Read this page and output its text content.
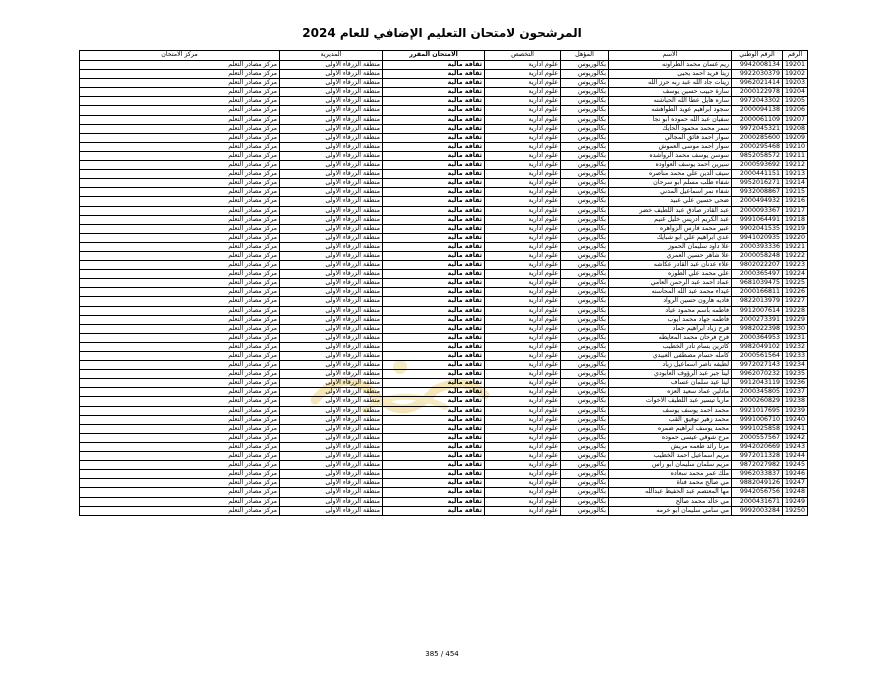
المرشحون لامتحان التعليم الإضافي للعام 2024
الرقم	الرقم الوطني	الاسم	المؤهل	التخصص	الامتحان المقرر	المديرية	مركز الامتحان
19201	9942008134	ريم غسان محمد الطراونه	بكالوريوس	علوم ادارية	ثقافة مالية	منطقة الزرقاء الأولى	مركز مصادر التعلم
19202	9922030379	زينا فريد احمد يحيى	بكالوريوس	علوم ادارية	ثقافة مالية	منطقة الزرقاء الأولى	مركز مصادر التعلم
19203	9962021414	زينات جاد الله عبد ربه حرز الله	بكالوريوس	علوم ادارية	ثقافة مالية	منطقة الزرقاء الأولى	مركز مصادر التعلم
19204	2000122978	سارة حبيب حسين يوسف	بكالوريوس	علوم ادارية	ثقافة مالية	منطقة الزرقاء الأولى	مركز مصادر التعلم
19205	9972043302	ساره هايل عطا الله الحباشنه	بكالوريوس	علوم ادارية	ثقافة مالية	منطقة الزرقاء الأولى	مركز مصادر التعلم
19206	2000094138	سجود ابراهيم عويد الطواهشه	بكالوريوس	علوم ادارية	ثقافة مالية	منطقة الزرقاء الأولى	مركز مصادر التعلم
19207	2000061109	سفيان عبد الله حموده ابو نجا	بكالوريوس	علوم ادارية	ثقافة مالية	منطقة الزرقاء الأولى	مركز مصادر التعلم
19208	9972045321	سمر محمد محمود الحايك	بكالوريوس	علوم ادارية	ثقافة مالية	منطقة الزرقاء الأولى	مركز مصادر التعلم
19209	2000285600	سوار احمد فائق المجالي	بكالوريوس	علوم ادارية	ثقافة مالية	منطقة الزرقاء الأولى	مركز مصادر التعلم
19210	2000295468	سوار احمد موسى العموش	بكالوريوس	علوم ادارية	ثقافة مالية	منطقة الزرقاء الأولى	مركز مصادر التعلم
19211	9852058572	سوسن يوسف محمد الرواشده	بكالوريوس	علوم ادارية	ثقافة مالية	منطقة الزرقاء الأولى	مركز مصادر التعلم
19212	2000593692	سيرين احمد يوسف العواوده	بكالوريوس	علوم ادارية	ثقافة مالية	منطقة الزرقاء الأولى	مركز مصادر التعلم
19213	2000441151	سيف الدين علي محمد مناصره	بكالوريوس	علوم ادارية	ثقافة مالية	منطقة الزرقاء الأولى	مركز مصادر التعلم
19214	9952016271	شفاء طلب مسلم ابو سرحان	بكالوريوس	علوم ادارية	ثقافة مالية	منطقة الزرقاء الأولى	مركز مصادر التعلم
19215	9932008867	شفاء نمر اسماعيل المدني	بكالوريوس	علوم ادارية	ثقافة مالية	منطقة الزرقاء الأولى	مركز مصادر التعلم
19216	2000494932	ضحى حسين علي عبيد	بكالوريوس	علوم ادارية	ثقافة مالية	منطقة الزرقاء الأولى	مركز مصادر التعلم
19217	2000093367	عبد القادر صادق عبد اللطيف خضر	بكالوريوس	علوم ادارية	ثقافة مالية	منطقة الزرقاء الأولى	مركز مصادر التعلم
19218	9991064491	عبد الكريم ادريس خليل غنيم	بكالوريوس	علوم ادارية	ثقافة مالية	منطقة الزرقاء الأولى	مركز مصادر التعلم
19219	9902041535	عبير محمد فارس الزواهره	بكالوريوس	علوم ادارية	ثقافة مالية	منطقة الزرقاء الأولى	مركز مصادر التعلم
19220	9941020935	عدي ابراهيم علي ابو شبايك	بكالوريوس	علوم ادارية	ثقافة مالية	منطقة الزرقاء الأولى	مركز مصادر التعلم
19221	2000393336	علا داود سليمان الحموز	بكالوريوس	علوم ادارية	ثقافة مالية	منطقة الزرقاء الأولى	مركز مصادر التعلم
19222	2000058248	علا شاهر حسين العمري	بكالوريوس	علوم ادارية	ثقافة مالية	منطقة الزرقاء الأولى	مركز مصادر التعلم
19223	9802022207	علاء عدنان عبد القادر عكاشه	بكالوريوس	علوم ادارية	ثقافة مالية	منطقة الزرقاء الأولى	مركز مصادر التعلم
19224	2000365497	علي محمد علي الطوره	بكالوريوس	علوم ادارية	ثقافة مالية	منطقة الزرقاء الأولى	مركز مصادر التعلم
19225	9681039475	عماد احمد عبد الرحمن العامي	بكالوريوس	علوم ادارية	ثقافة مالية	منطقة الزرقاء الأولى	مركز مصادر التعلم
19226	2000166811	غيداء محمد عبد الله المحاسنه	بكالوريوس	علوم ادارية	ثقافة مالية	منطقة الزرقاء الأولى	مركز مصادر التعلم
19227	9822013979	فاديه هارون حسين الرواد	بكالوريوس	علوم ادارية	ثقافة مالية	منطقة الزرقاء الأولى	مركز مصادر التعلم
19228	9912007614	فاطمه باسم محمود عياد	بكالوريوس	علوم ادارية	ثقافة مالية	منطقة الزرقاء الأولى	مركز مصادر التعلم
19229	2000273391	فاطمه جهاد محمد ايوب	بكالوريوس	علوم ادارية	ثقافة مالية	منطقة الزرقاء الأولى	مركز مصادر التعلم
19230	9982022398	فرح زياد ابراهيم حماد	بكالوريوس	علوم ادارية	ثقافة مالية	منطقة الزرقاء الأولى	مركز مصادر التعلم
19231	2000364953	فرح فرحان محمد المعايطه	بكالوريوس	علوم ادارية	ثقافة مالية	منطقة الزرقاء الأولى	مركز مصادر التعلم
19232	9982049102	كاترين بسام نادر الخطيب	بكالوريوس	علوم ادارية	ثقافة مالية	منطقة الزرقاء الأولى	مركز مصادر التعلم
19233	2000561564	كامله حسام مصطفى العبيدي	بكالوريوس	علوم ادارية	ثقافة مالية	منطقة الزرقاء الأولى	مركز مصادر التعلم
19234	9972027143	لطيفه ناصر اسماعيل زياد	بكالوريوس	علوم ادارية	ثقافة مالية	منطقة الزرقاء الأولى	مركز مصادر التعلم
19235	9962070232	لينا جبر عبد الرؤوف العابودي	بكالوريوس	علوم ادارية	ثقافة مالية	منطقة الزرقاء الأولى	مركز مصادر التعلم
19236	9912043119	لينا عيد سلمان عساف	بكالوريوس	علوم ادارية	ثقافة مالية	منطقة الزرقاء الأولى	مركز مصادر التعلم
19237	2000345805	مادلين عماد سعيد العزه	بكالوريوس	علوم ادارية	ثقافة مالية	منطقة الزرقاء الأولى	مركز مصادر التعلم
19238	2000260829	ماريا تيسير عبد اللطيف الاخوات	بكالوريوس	علوم ادارية	ثقافة مالية	منطقة الزرقاء الأولى	مركز مصادر التعلم
19239	9921017695	محمد احمد يوسف يوسف	بكالوريوس	علوم ادارية	ثقافة مالية	منطقة الزرقاء الأولى	مركز مصادر التعلم
19240	9991006710	محمد زهير توفيق القب	بكالوريوس	علوم ادارية	ثقافة مالية	منطقة الزرقاء الأولى	مركز مصادر التعلم
19241	9991025858	محمد يوسف ابراهيم ضمره	بكالوريوس	علوم ادارية	ثقافة مالية	منطقة الزرقاء الأولى	مركز مصادر التعلم
19242	2000557567	مرح شوقي عيسى حموده	بكالوريوس	علوم ادارية	ثقافة مالية	منطقة الزرقاء الأولى	مركز مصادر التعلم
19243	9942020669	مرنا رائد طعمه مريش	بكالوريوس	علوم ادارية	ثقافة مالية	منطقة الزرقاء الأولى	مركز مصادر التعلم
19244	9972011328	مريم اسماعيل احمد الخطيب	بكالوريوس	علوم ادارية	ثقافة مالية	منطقة الزرقاء الأولى	مركز مصادر التعلم
19245	9872027982	مريم سلمان سليمان ابو راس	بكالوريوس	علوم ادارية	ثقافة مالية	منطقة الزرقاء الأولى	مركز مصادر التعلم
19246	9962033837	ملك عمر محمد سعاده	بكالوريوس	علوم ادارية	ثقافة مالية	منطقة الزرقاء الأولى	مركز مصادر التعلم
19247	9882049126	مي صالح محمد فناة	بكالوريوس	علوم ادارية	ثقافة مالية	منطقة الزرقاء الأولى	مركز مصادر التعلم
19248	9942056756	مها المعتصم عبد الحفيظ عبدالله	بكالوريوس	علوم ادارية	ثقافة مالية	منطقة الزرقاء الأولى	مركز مصادر التعلم
19249	2000431671	مي خالد محمد صالح	بكالوريوس	علوم ادارية	ثقافة مالية	منطقة الزرقاء الأولى	مركز مصادر التعلم
19250	9992003284	مي سامي سليمان ابو خرمه	بكالوريوس	علوم ادارية	ثقافة مالية	منطقة الزرقاء الأولى	مركز مصادر التعلم
385 / 454
